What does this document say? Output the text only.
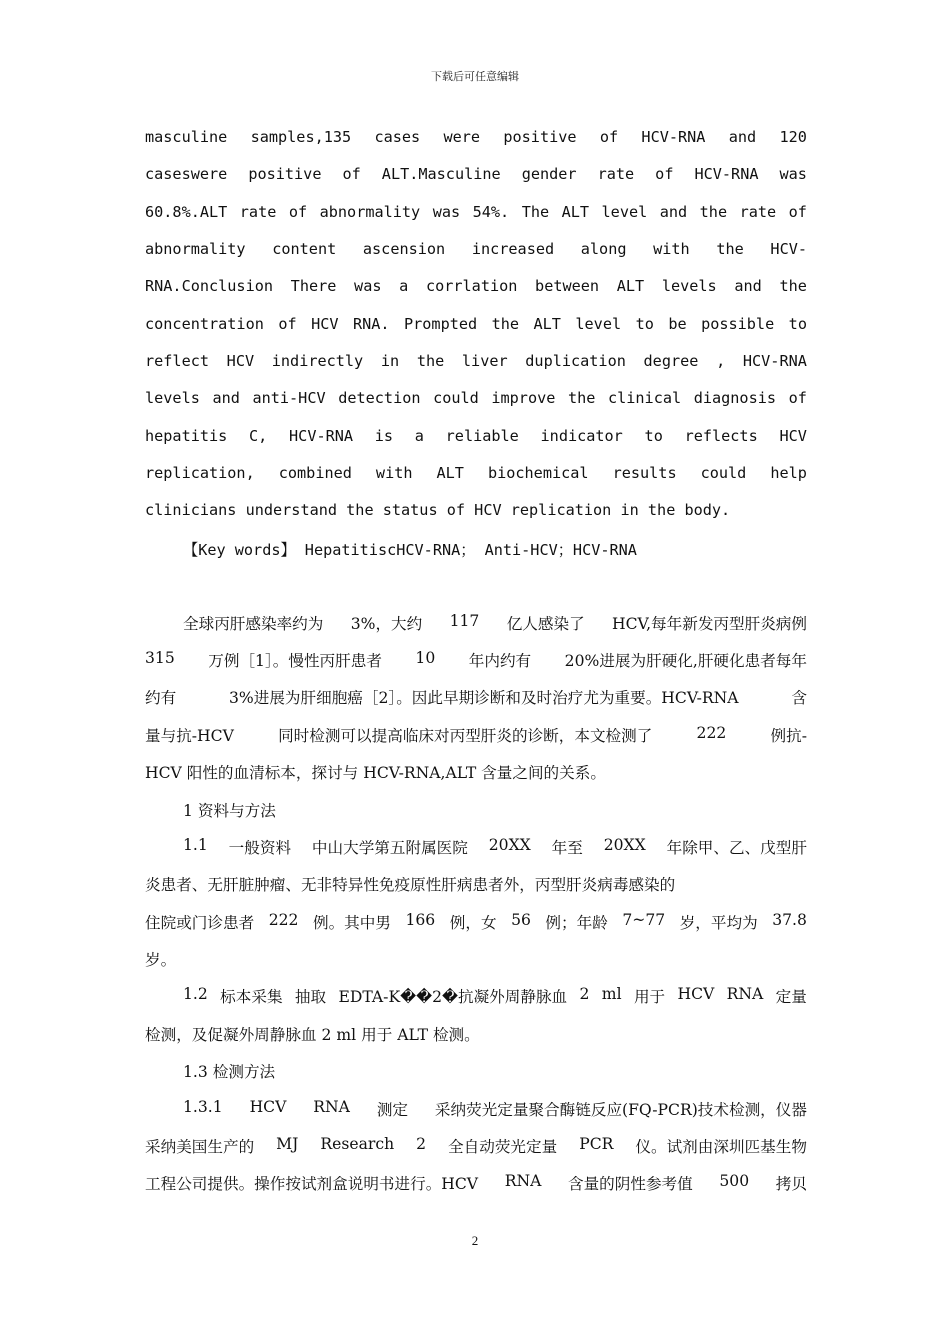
下载后可任意编辑
masculine samples,135 cases were positive of HCV-RNA and 120
caseswere positive of ALT.Masculine gender rate of HCV-RNA was
60.8%.ALT rate of abnormality was 54%. The ALT level and the rate of
abnormality content ascension increased along with the HCV-
RNA.Conclusion There was a corrlation between ALT levels and the
concentration of HCV RNA. Prompted the ALT level to be possible to
reflect HCV indirectly in the liver duplication degree , HCV-RNA
levels and anti-HCV detection could improve the clinical diagnosis of
hepatitis C, HCV-RNA is a reliable indicator to reflects HCV
replication, combined with ALT biochemical results could help
clinicians understand the status of HCV replication in the body.
【Key words】 HepatitiscHCV-RNA； Anti-HCV；HCV-RNA
全球丙肝感染率约为 3%，大约 117 亿人感染了 HCV,每年新发丙型肝炎病例
315 万例［1］。慢性丙肝患者 10 年内约有 20%进展为肝硬化,肝硬化患者每年
约有	3%进展为肝细胞癌［2］。因此早期诊断和及时治疗尤为重要。HCV-RNA	含
量与抗-HCV	同时检测可以提高临床对丙型肝炎的诊断，本文检测了	222	例抗-
HCV 阳性的血清标本，探讨与 HCV-RNA,ALT 含量之间的关系。
1 资料与方法
1.1 一般资料 中山大学第五附属医院 20XX 年至 20XX 年除甲、乙、戊型肝
炎患者、无肝脏肿瘤、无非特异性免疫原性肝病患者外，丙型肝炎病毒感染的
住院或门诊患者 222 例。其中男 166 例，女 56 例；年龄 7~77 岁，平均为 37.8
岁。
1.2 标本采集 抽取 EDTA-K��2�抗凝外周静脉血 2 ml 用于 HCV RNA 定量
检测，及促凝外周静脉血 2 ml 用于 ALT 检测。
1.3 检测方法
1.3.1 HCV RNA 测定 采纳荧光定量聚合酶链反应(FQ-PCR)技术检测，仪器
采纳美国生产的 MJ Research 2 全自动荧光定量 PCR 仪。试剂由深圳匹基生物
工程公司提供。操作按试剂盒说明书进行。HCV RNA 含量的阴性参考值 500 拷贝
2
